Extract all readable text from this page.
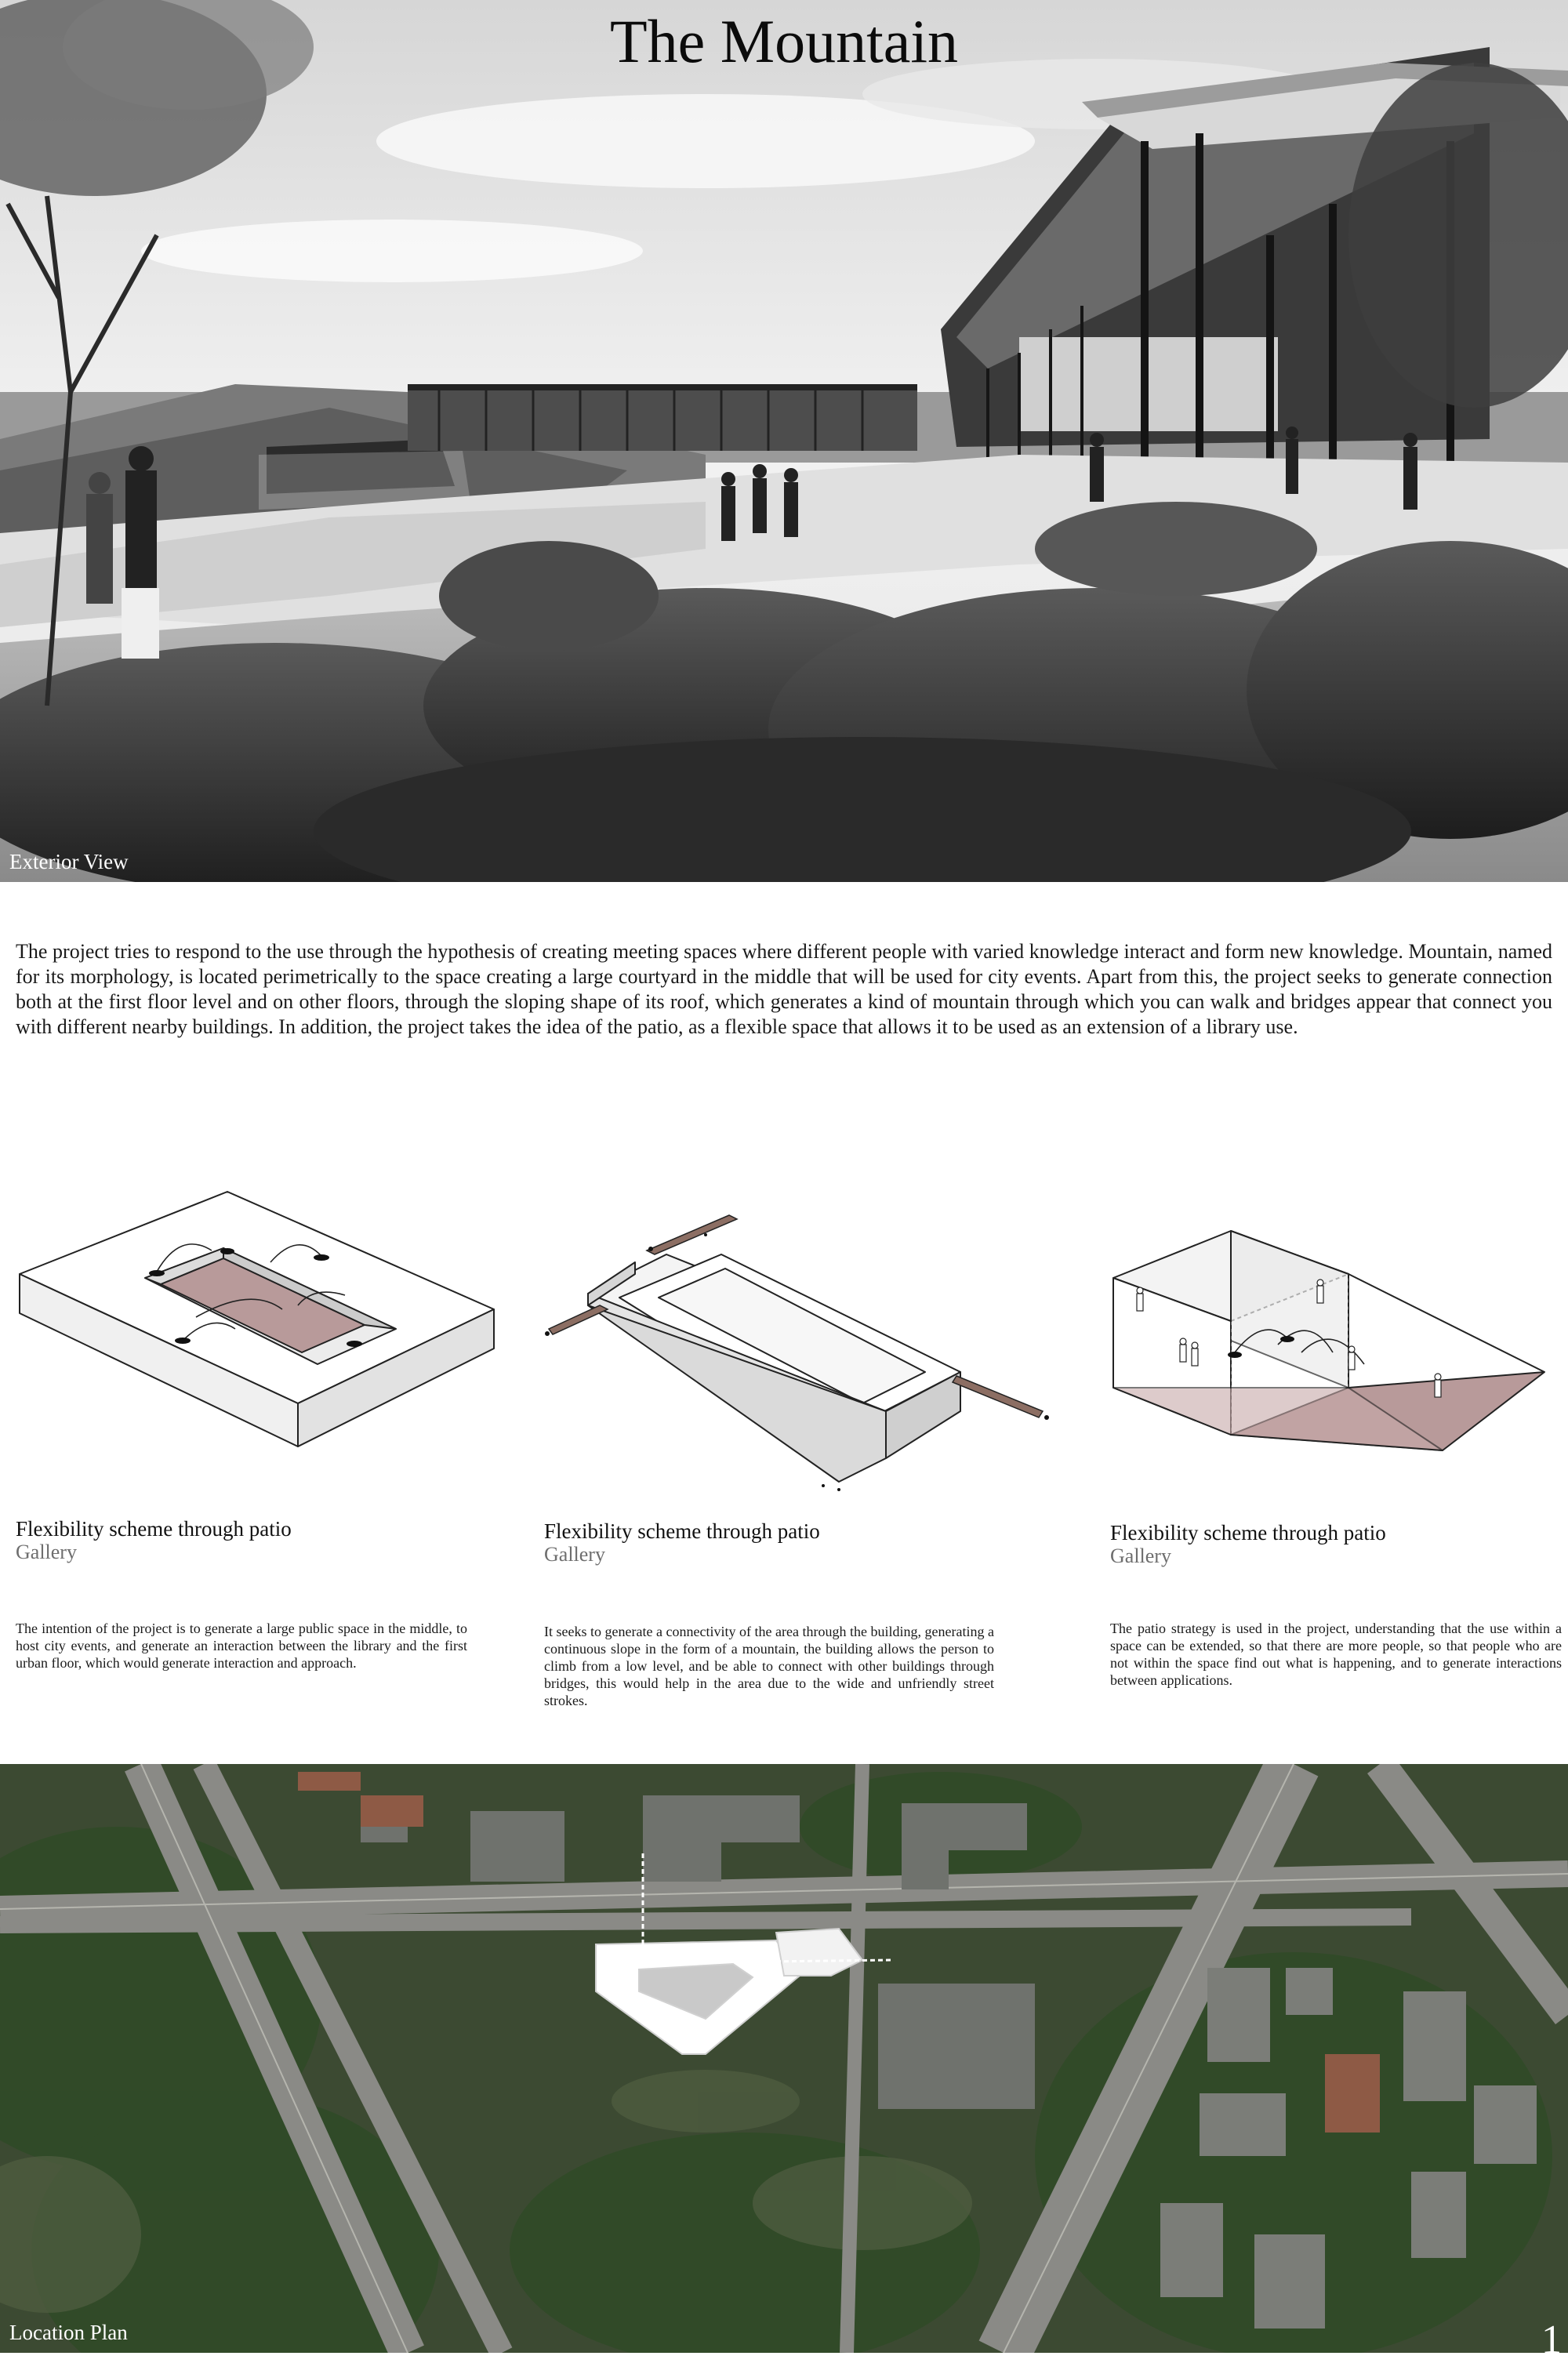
The Mountain
Exterior View
The project tries to respond to the use through the hypothesis of creating meeting spaces where different people with varied knowledge interact and form new knowledge. Mountain, named for its morphology, is located perimetrically to the space creating a large courtyard in the middle that will be used for city events. Apart from this, the project seeks to generate connection both at the first floor level and on other floors, through the sloping shape of its roof, which generates a kind of mountain through which you can walk and bridges appear that connect you with different nearby buildings. In addition, the project takes the idea of the patio, as a flexible space that allows it to be used as an extension of a library use.
Flexibility scheme through patio
Gallery
The intention of the project is to generate a large public space in the middle, to host city events, and generate an interaction between the library and the first urban floor, which would generate interaction and approach.
Flexibility scheme through patio
Gallery
It seeks to generate a connectivity of the area through the building, generating a continuous slope in the form of a mountain, the building allows the person to climb from a low level, and be able to connect with other buildings through bridges, this would help in the area due to the wide and unfriendly street strokes.
Flexibility scheme through patio
Gallery
The patio strategy is used in the project, understanding that the use within a space can be extended, so that there are more people, so that people who are not within the space find out what is happening, and to generate interactions between applications.
Location Plan	1
